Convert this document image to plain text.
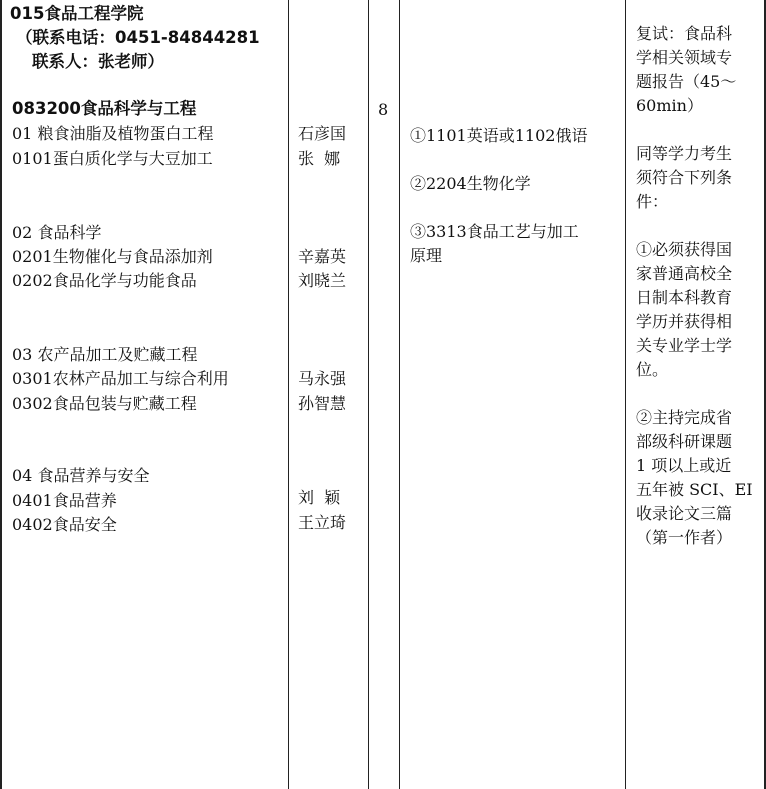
015食品工程学院
（联系电话：0451-84844281
联系人：张老师）
083200食品科学与工程
01 粮食油脂及植物蛋白工程
0101蛋白质化学与大豆加工
02 食品科学
0201生物催化与食品添加剂
0202食品化学与功能食品
03 农产品加工及贮藏工程
0301农林产品加工与综合利用
0302食品包装与贮藏工程
04 食品营养与安全
0401食品营养
0402食品安全
石彦国
张  娜
辛嘉英
刘晓兰
马永强
孙智慧
刘  颖
王立琦
8
①1101英语或1102俄语
②2204生物化学
③3313食品工艺与加工
原理
复试：食品科
学相关领域专
题报告（45～
60min）
同等学力考生
须符合下列条
件：
①必须获得国
家普通高校全
日制本科教育
学历并获得相
关专业学士学
位。
②主持完成省
部级科研课题
1 项以上或近
五年被 SCI、EI
收录论文三篇
（第一作者）
